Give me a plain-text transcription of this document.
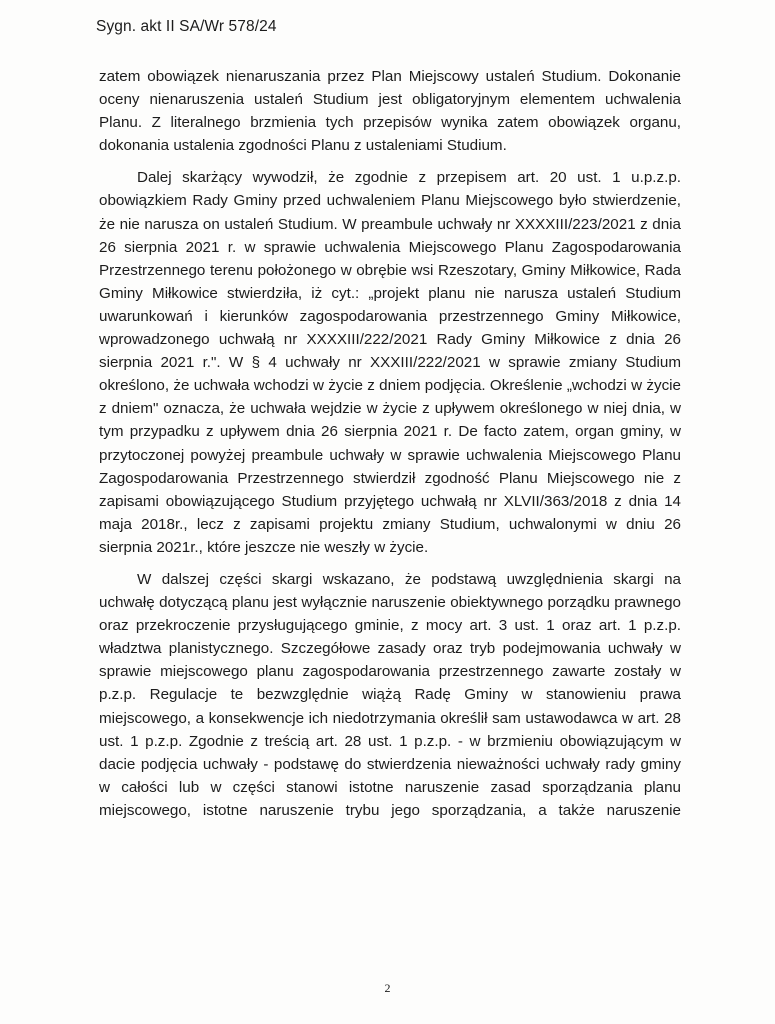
Sygn. akt II SA/Wr 578/24

zatem obowiązek nienaruszania przez Plan Miejscowy ustaleń Studium. Dokonanie oceny nienaruszenia ustaleń Studium jest obligatoryjnym elementem uchwalenia Planu. Z literalnego brzmienia tych przepisów wynika zatem obowiązek organu, dokonania ustalenia zgodności Planu z ustaleniami Studium.

Dalej skarżący wywodził, że zgodnie z przepisem art. 20 ust. 1 u.p.z.p. obowiązkiem Rady Gminy przed uchwaleniem Planu Miejscowego było stwierdzenie, że nie narusza on ustaleń Studium. W preambule uchwały nr XXXXIII/223/2021 z dnia 26 sierpnia 2021 r. w sprawie uchwalenia Miejscowego Planu Zagospodarowania Przestrzennego terenu położonego w obrębie wsi Rzeszotary, Gminy Miłkowice, Rada Gminy Miłkowice stwierdziła, iż cyt.: „projekt planu nie narusza ustaleń Studium uwarunkowań i kierunków zagospodarowania przestrzennego Gminy Miłkowice, wprowadzonego uchwałą nr XXXXIII/222/2021 Rady Gminy Miłkowice z dnia 26 sierpnia 2021 r.". W § 4 uchwały nr XXXIII/222/2021 w sprawie zmiany Studium określono, że uchwała wchodzi w życie z dniem podjęcia. Określenie „wchodzi w życie z dniem" oznacza, że uchwała wejdzie w życie z upływem określonego w niej dnia, w tym przypadku z upływem dnia 26 sierpnia 2021 r. De facto zatem, organ gminy, w przytoczonej powyżej preambule uchwały w sprawie uchwalenia Miejscowego Planu Zagospodarowania Przestrzennego stwierdził zgodność Planu Miejscowego nie z zapisami obowiązującego Studium przyjętego uchwałą nr XLVII/363/2018 z dnia 14 maja 2018r., lecz z zapisami projektu zmiany Studium, uchwalonymi w dniu 26 sierpnia 2021r., które jeszcze nie weszły w życie.

W dalszej części skargi wskazano, że podstawą uwzględnienia skargi na uchwałę dotyczącą planu jest wyłącznie naruszenie obiektywnego porządku prawnego oraz przekroczenie przysługującego gminie, z mocy art. 3 ust. 1 oraz art. 1 p.z.p. władztwa planistycznego. Szczegółowe zasady oraz tryb podejmowania uchwały w sprawie miejscowego planu zagospodarowania przestrzennego zawarte zostały w p.z.p. Regulacje te bezwzględnie wiążą Radę Gminy w stanowieniu prawa miejscowego, a konsekwencje ich niedotrzymania określił sam ustawodawca w art. 28 ust. 1 p.z.p. Zgodnie z treścią art. 28 ust. 1 p.z.p. - w brzmieniu obowiązującym w dacie podjęcia uchwały - podstawę do stwierdzenia nieważności uchwały rady gminy w całości lub w części stanowi istotne naruszenie zasad sporządzania planu miejscowego, istotne naruszenie trybu jego sporządzania, a także naruszenie

2
